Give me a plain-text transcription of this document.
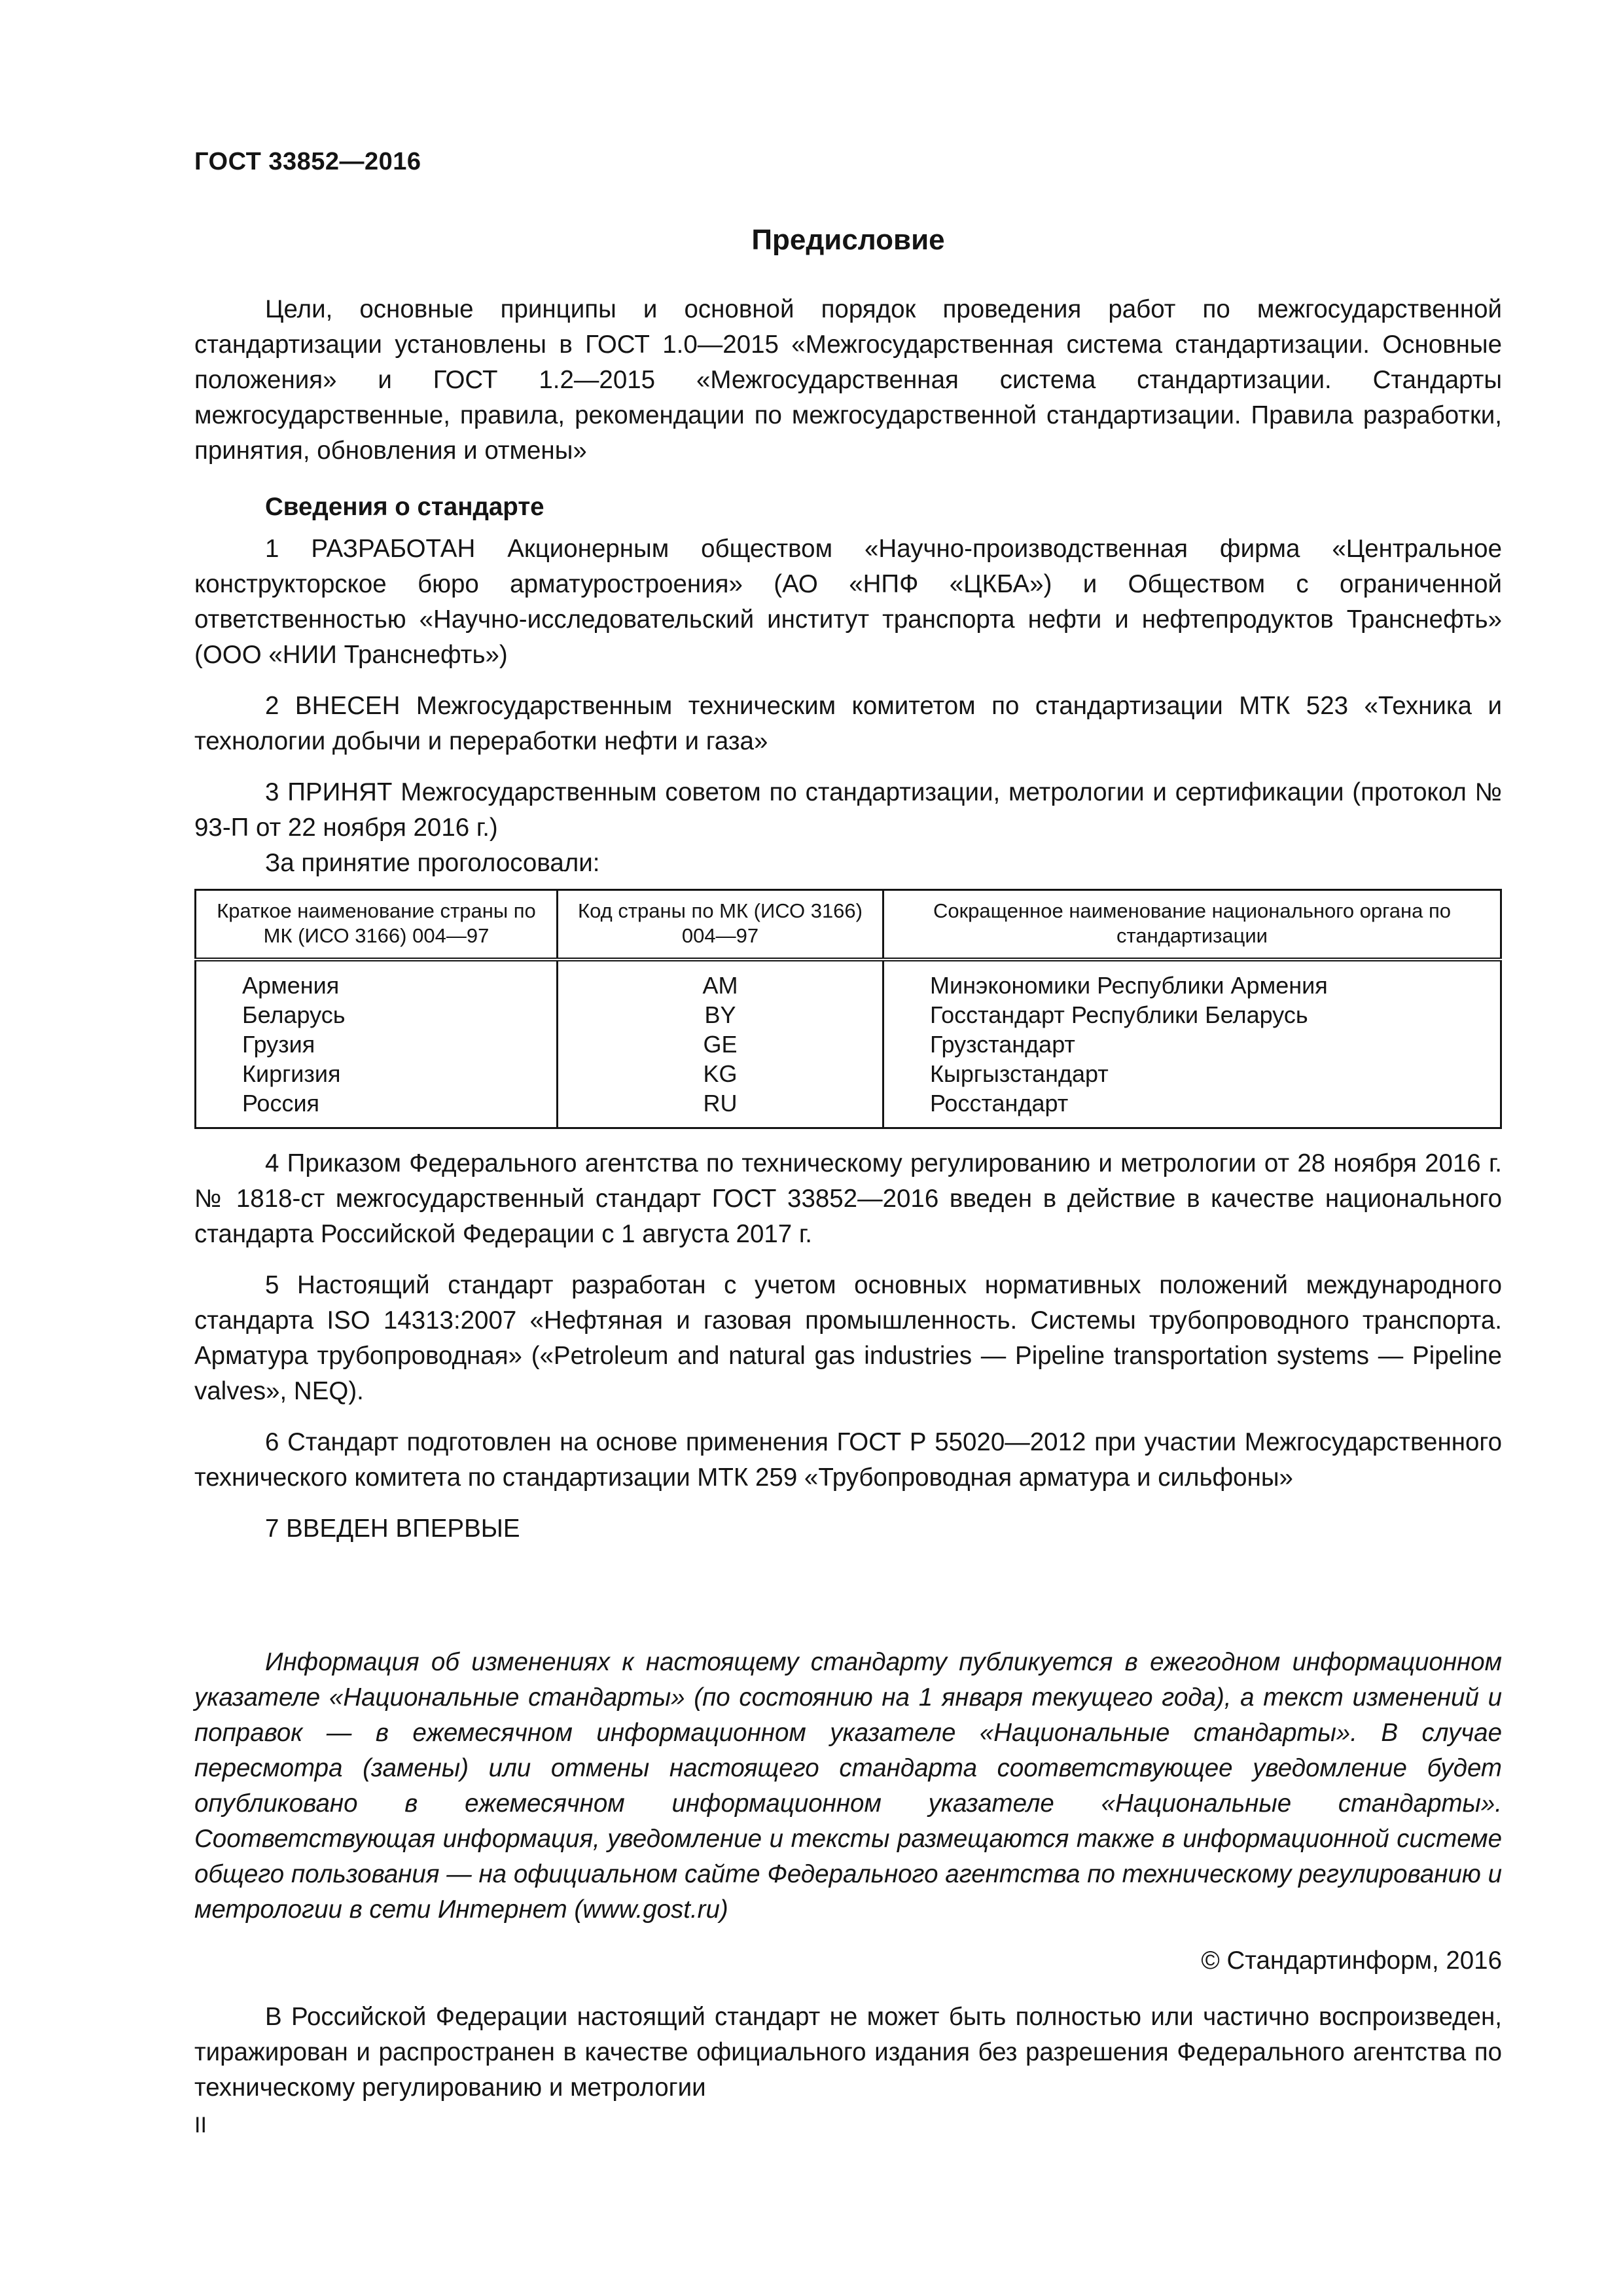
ГОСТ 33852—2016
Предисловие

Цели, основные принципы и основной порядок проведения работ по межгосударственной стандартизации установлены в ГОСТ 1.0—2015 «Межгосударственная система стандартизации. Основные положения» и ГОСТ 1.2—2015 «Межгосударственная система стандартизации. Стандарты межгосударственные, правила, рекомендации по межгосударственной стандартизации. Правила разработки, принятия, обновления и отмены»

Сведения о стандарте

1 РАЗРАБОТАН Акционерным обществом «Научно-производственная фирма «Центральное конструкторское бюро арматуростроения» (АО «НПФ «ЦКБА») и Обществом с ограниченной ответственностью «Научно-исследовательский институт транспорта нефти и нефтепродуктов Транснефть» (ООО «НИИ Транснефть»)

2 ВНЕСЕН Межгосударственным техническим комитетом по стандартизации МТК 523 «Техника и технологии добычи и переработки нефти и газа»

3 ПРИНЯТ Межгосударственным советом по стандартизации, метрологии и сертификации (протокол № 93-П от 22 ноября 2016 г.)

За принятие проголосовали:

Краткое наименование страны по МК (ИСО 3166) 004—97	Код страны по МК (ИСО 3166) 004—97	Сокращенное наименование национального органа по стандартизации
Армения	AM	Минэкономики Республики Армения
Беларусь	BY	Госстандарт Республики Беларусь
Грузия	GE	Грузстандарт
Киргизия	KG	Кыргызстандарт
Россия	RU	Росстандарт

4 Приказом Федерального агентства по техническому регулированию и метрологии от 28 ноября 2016 г. № 1818-ст межгосударственный стандарт ГОСТ 33852—2016 введен в действие в качестве национального стандарта Российской Федерации с 1 августа 2017 г.

5 Настоящий стандарт разработан с учетом основных нормативных положений международного стандарта ISO 14313:2007 «Нефтяная и газовая промышленность. Системы трубопроводного транспорта. Арматура трубопроводная» («Petroleum and natural gas industries — Pipeline transportation systems — Pipeline valves», NEQ).

6 Стандарт подготовлен на основе применения ГОСТ Р 55020—2012 при участии Межгосударственного технического комитета по стандартизации МТК 259 «Трубопроводная арматура и сильфоны»

7 ВВЕДЕН ВПЕРВЫЕ

Информация об изменениях к настоящему стандарту публикуется в ежегодном информационном указателе «Национальные стандарты» (по состоянию на 1 января текущего года), а текст изменений и поправок — в ежемесячном информационном указателе «Национальные стандарты». В случае пересмотра (замены) или отмены настоящего стандарта соответствующее уведомление будет опубликовано в ежемесячном информационном указателе «Национальные стандарты». Соответствующая информация, уведомление и тексты размещаются также в информационной системе общего пользования — на официальном сайте Федерального агентства по техническому регулированию и метрологии в сети Интернет (www.gost.ru)

© Стандартинформ, 2016

В Российской Федерации настоящий стандарт не может быть полностью или частично воспроизведен, тиражирован и распространен в качестве официального издания без разрешения Федерального агентства по техническому регулированию и метрологии

II
